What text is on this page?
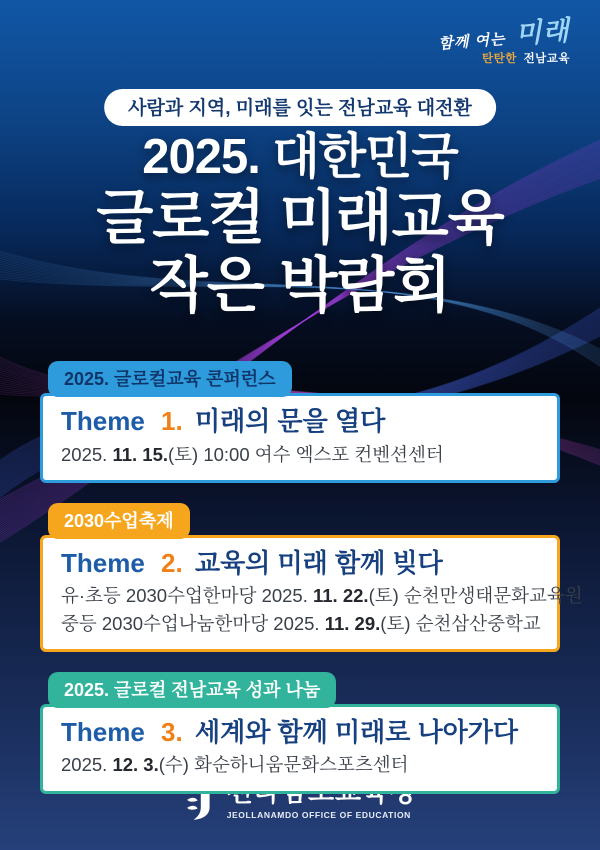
함께 여는 미래
탄탄한 전남교육
사람과 지역, 미래를 잇는 전남교육 대전환
2025. 대한민국
글로컬 미래교육
작은 박람회
2025. 글로컬교육 콘퍼런스
Theme 1. 미래의 문을 열다
2025. 11. 15.(토) 10:00 여수 엑스포 컨벤션센터
2030수업축제
Theme 2. 교육의 미래 함께 빚다
유·초등 2030수업한마당 2025. 11. 22.(토) 순천만생태문화교육원
중등 2030수업나눔한마당 2025. 11. 29.(토) 순천삼산중학교
2025. 글로컬 전남교육 성과 나눔
Theme 3. 세계와 함께 미래로 나아가다
2025. 12. 3.(수) 화순하니움문화스포츠센터
JEOLLANAMDO OFFICE OF EDUCATION
